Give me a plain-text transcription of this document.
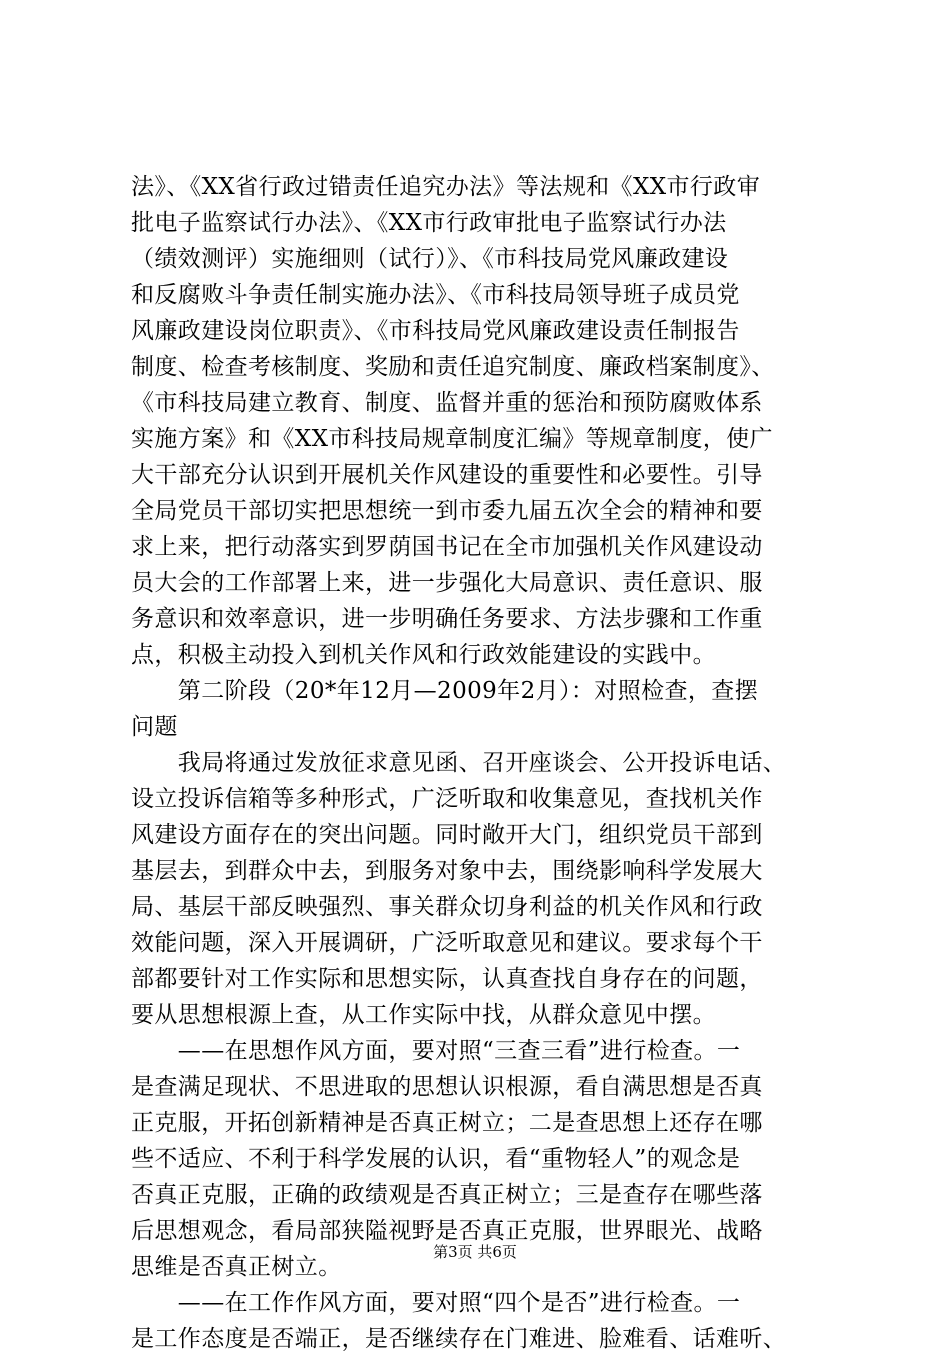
法》、《XX省行政过错责任追究办法》等法规和《XX市行政审
批电子监察试行办法》、《XX市行政审批电子监察试行办法
（绩效测评）实施细则（试行）》、《市科技局党风廉政建设
和反腐败斗争责任制实施办法》、《市科技局领导班子成员党
风廉政建设岗位职责》、《市科技局党风廉政建设责任制报告
制度、检查考核制度、奖励和责任追究制度、廉政档案制度》、
《市科技局建立教育、制度、监督并重的惩治和预防腐败体系
实施方案》和《XX市科技局规章制度汇编》等规章制度，使广
大干部充分认识到开展机关作风建设的重要性和必要性。引导
全局党员干部切实把思想统一到市委九届五次全会的精神和要
求上来，把行动落实到罗荫国书记在全市加强机关作风建设动
员大会的工作部署上来，进一步强化大局意识、责任意识、服
务意识和效率意识，进一步明确任务要求、方法步骤和工作重
点，积极主动投入到机关作风和行政效能建设的实践中。
　　第二阶段（20*年12月—2009年2月）：对照检查，查摆
问题
　　我局将通过发放征求意见函、召开座谈会、公开投诉电话、
设立投诉信箱等多种形式，广泛听取和收集意见，查找机关作
风建设方面存在的突出问题。同时敞开大门，组织党员干部到
基层去，到群众中去，到服务对象中去，围绕影响科学发展大
局、基层干部反映强烈、事关群众切身利益的机关作风和行政
效能问题，深入开展调研，广泛听取意见和建议。要求每个干
部都要针对工作实际和思想实际，认真查找自身存在的问题，
要从思想根源上查，从工作实际中找，从群众意见中摆。
　　——在思想作风方面，要对照“三查三看”进行检查。一
是查满足现状、不思进取的思想认识根源，看自满思想是否真
正克服，开拓创新精神是否真正树立；二是查思想上还存在哪
些不适应、不利于科学发展的认识，看“重物轻人”的观念是
否真正克服，正确的政绩观是否真正树立；三是查存在哪些落
后思想观念，看局部狭隘视野是否真正克服，世界眼光、战略
思维是否真正树立。
　　——在工作作风方面，要对照“四个是否”进行检查。一
是工作态度是否端正，是否继续存在门难进、脸难看、话难听、
第3页 共6页
